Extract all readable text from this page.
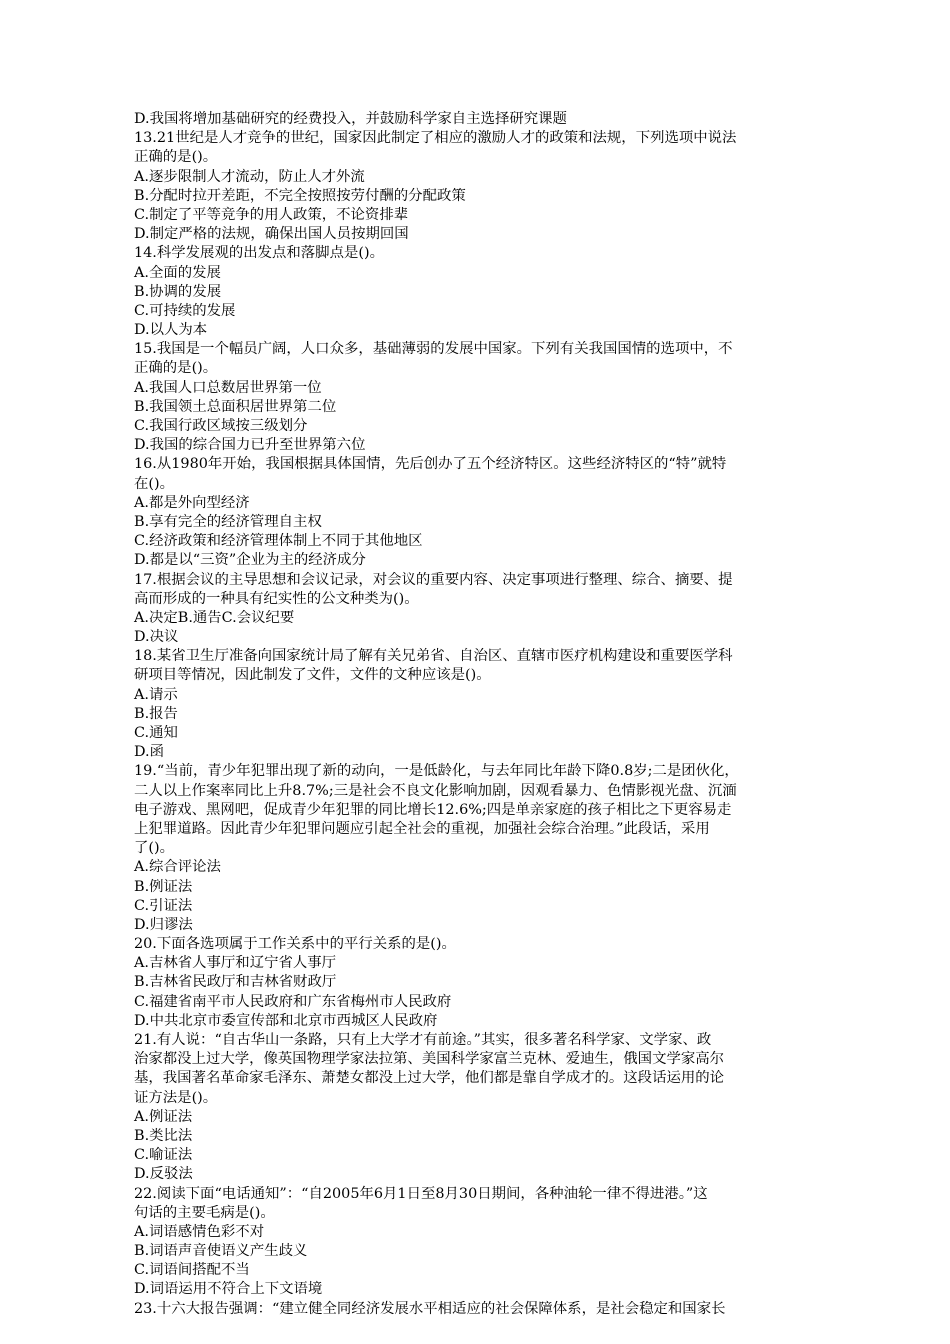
D.我国将增加基础研究的经费投入，并鼓励科学家自主选择研究课题
13.21世纪是人才竞争的世纪，国家因此制定了相应的激励人才的政策和法规，下列选项中说法
正确的是()。
A.逐步限制人才流动，防止人才外流
B.分配时拉开差距，不完全按照按劳付酬的分配政策
C.制定了平等竞争的用人政策，不论资排辈
D.制定严格的法规，确保出国人员按期回国
14.科学发展观的出发点和落脚点是()。
A.全面的发展
B.协调的发展
C.可持续的发展
D.以人为本
15.我国是一个幅员广阔，人口众多，基础薄弱的发展中国家。下列有关我国国情的选项中，不
正确的是()。
A.我国人口总数居世界第一位
B.我国领土总面积居世界第二位
C.我国行政区域按三级划分
D.我国的综合国力已升至世界第六位
16.从1980年开始，我国根据具体国情，先后创办了五个经济特区。这些经济特区的“特”就特
在()。
A.都是外向型经济
B.享有完全的经济管理自主权
C.经济政策和经济管理体制上不同于其他地区
D.都是以“三资”企业为主的经济成分
17.根据会议的主导思想和会议记录，对会议的重要内容、决定事项进行整理、综合、摘要、提
高而形成的一种具有纪实性的公文种类为()。
A.决定B.通告C.会议纪要
D.决议
18.某省卫生厅准备向国家统计局了解有关兄弟省、自治区、直辖市医疗机构建设和重要医学科
研项目等情况，因此制发了文件，文件的文种应该是()。
A.请示
B.报告
C.通知
D.函
19.“当前，青少年犯罪出现了新的动向，一是低龄化，与去年同比年龄下降0.8岁;二是团伙化，
二人以上作案率同比上升8.7%;三是社会不良文化影响加剧，因观看暴力、色情影视光盘、沉湎
电子游戏、黑网吧，促成青少年犯罪的同比增长12.6%;四是单亲家庭的孩子相比之下更容易走
上犯罪道路。因此青少年犯罪问题应引起全社会的重视，加强社会综合治理。”此段话，采用
了()。
A.综合评论法
B.例证法
C.引证法
D.归谬法
20.下面各选项属于工作关系中的平行关系的是()。
A.吉林省人事厅和辽宁省人事厅
B.吉林省民政厅和吉林省财政厅
C.福建省南平市人民政府和广东省梅州市人民政府
D.中共北京市委宣传部和北京市西城区人民政府
21.有人说：“自古华山一条路，只有上大学才有前途。”其实，很多著名科学家、文学家、政
治家都没上过大学，像英国物理学家法拉第、美国科学家富兰克林、爱迪生，俄国文学家高尔
基，我国著名革命家毛泽东、萧楚女都没上过大学，他们都是靠自学成才的。这段话运用的论
证方法是()。
A.例证法
B.类比法
C.喻证法
D.反驳法
22.阅读下面“电话通知”：“自2005年6月1日至8月30日期间，各种油轮一律不得进港。”这
句话的主要毛病是()。
A.词语感情色彩不对
B.词语声音使语义产生歧义
C.词语间搭配不当
D.词语运用不符合上下文语境
23.十六大报告强调：“建立健全同经济发展水平相适应的社会保障体系，是社会稳定和国家长
